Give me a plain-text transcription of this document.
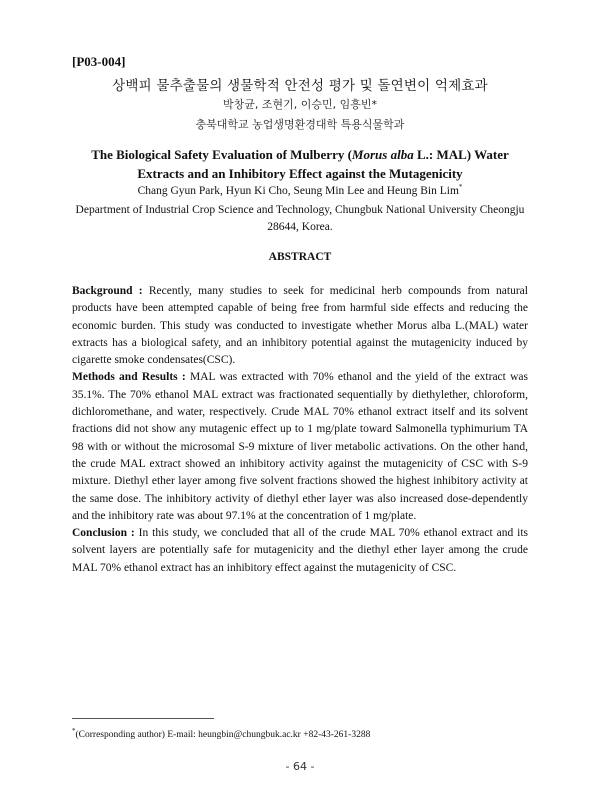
[P03-004]
상백피 물추출물의 생물학적 안전성 평가 및 돌연변이 억제효과
박창균, 조현기, 이승민, 임흥빈*
충북대학교 농업생명환경대학 특용식물학과
The Biological Safety Evaluation of Mulberry (Morus alba L.: MAL) Water Extracts and an Inhibitory Effect against the Mutagenicity
Chang Gyun Park, Hyun Ki Cho, Seung Min Lee and Heung Bin Lim*
Department of Industrial Crop Science and Technology, Chungbuk National University Cheongju 28644, Korea.
ABSTRACT

Background : Recently, many studies to seek for medicinal herb compounds from natural products have been attempted capable of being free from harmful side effects and reducing the economic burden. This study was conducted to investigate whether Morus alba L.(MAL) water extracts has a biological safety, and an inhibitory potential against the mutagenicity induced by cigarette smoke condensates(CSC).

Methods and Results : MAL was extracted with 70% ethanol and the yield of the extract was 35.1%. The 70% ethanol MAL extract was fractionated sequentially by diethylether, chloroform, dichloromethane, and water, respectively. Crude MAL 70% ethanol extract itself and its solvent fractions did not show any mutagenic effect up to 1 mg/plate toward Salmonella typhimurium TA 98 with or without the microsomal S-9 mixture of liver metabolic activations. On the other hand, the crude MAL extract showed an inhibitory activity against the mutagenicity of CSC with S-9 mixture. Diethyl ether layer among five solvent fractions showed the highest inhibitory activity at the same dose. The inhibitory activity of diethyl ether layer was also increased dose-dependently and the inhibitory rate was about 97.1% at the concentration of 1 mg/plate.

Conclusion : In this study, we concluded that all of the crude MAL 70% ethanol extract and its solvent layers are potentially safe for mutagenicity and the diethyl ether layer among the crude MAL 70% ethanol extract has an inhibitory effect against the mutagenicity of CSC.

*(Corresponding author) E-mail: heungbin@chungbuk.ac.kr +82-43-261-3288
- 64 -
